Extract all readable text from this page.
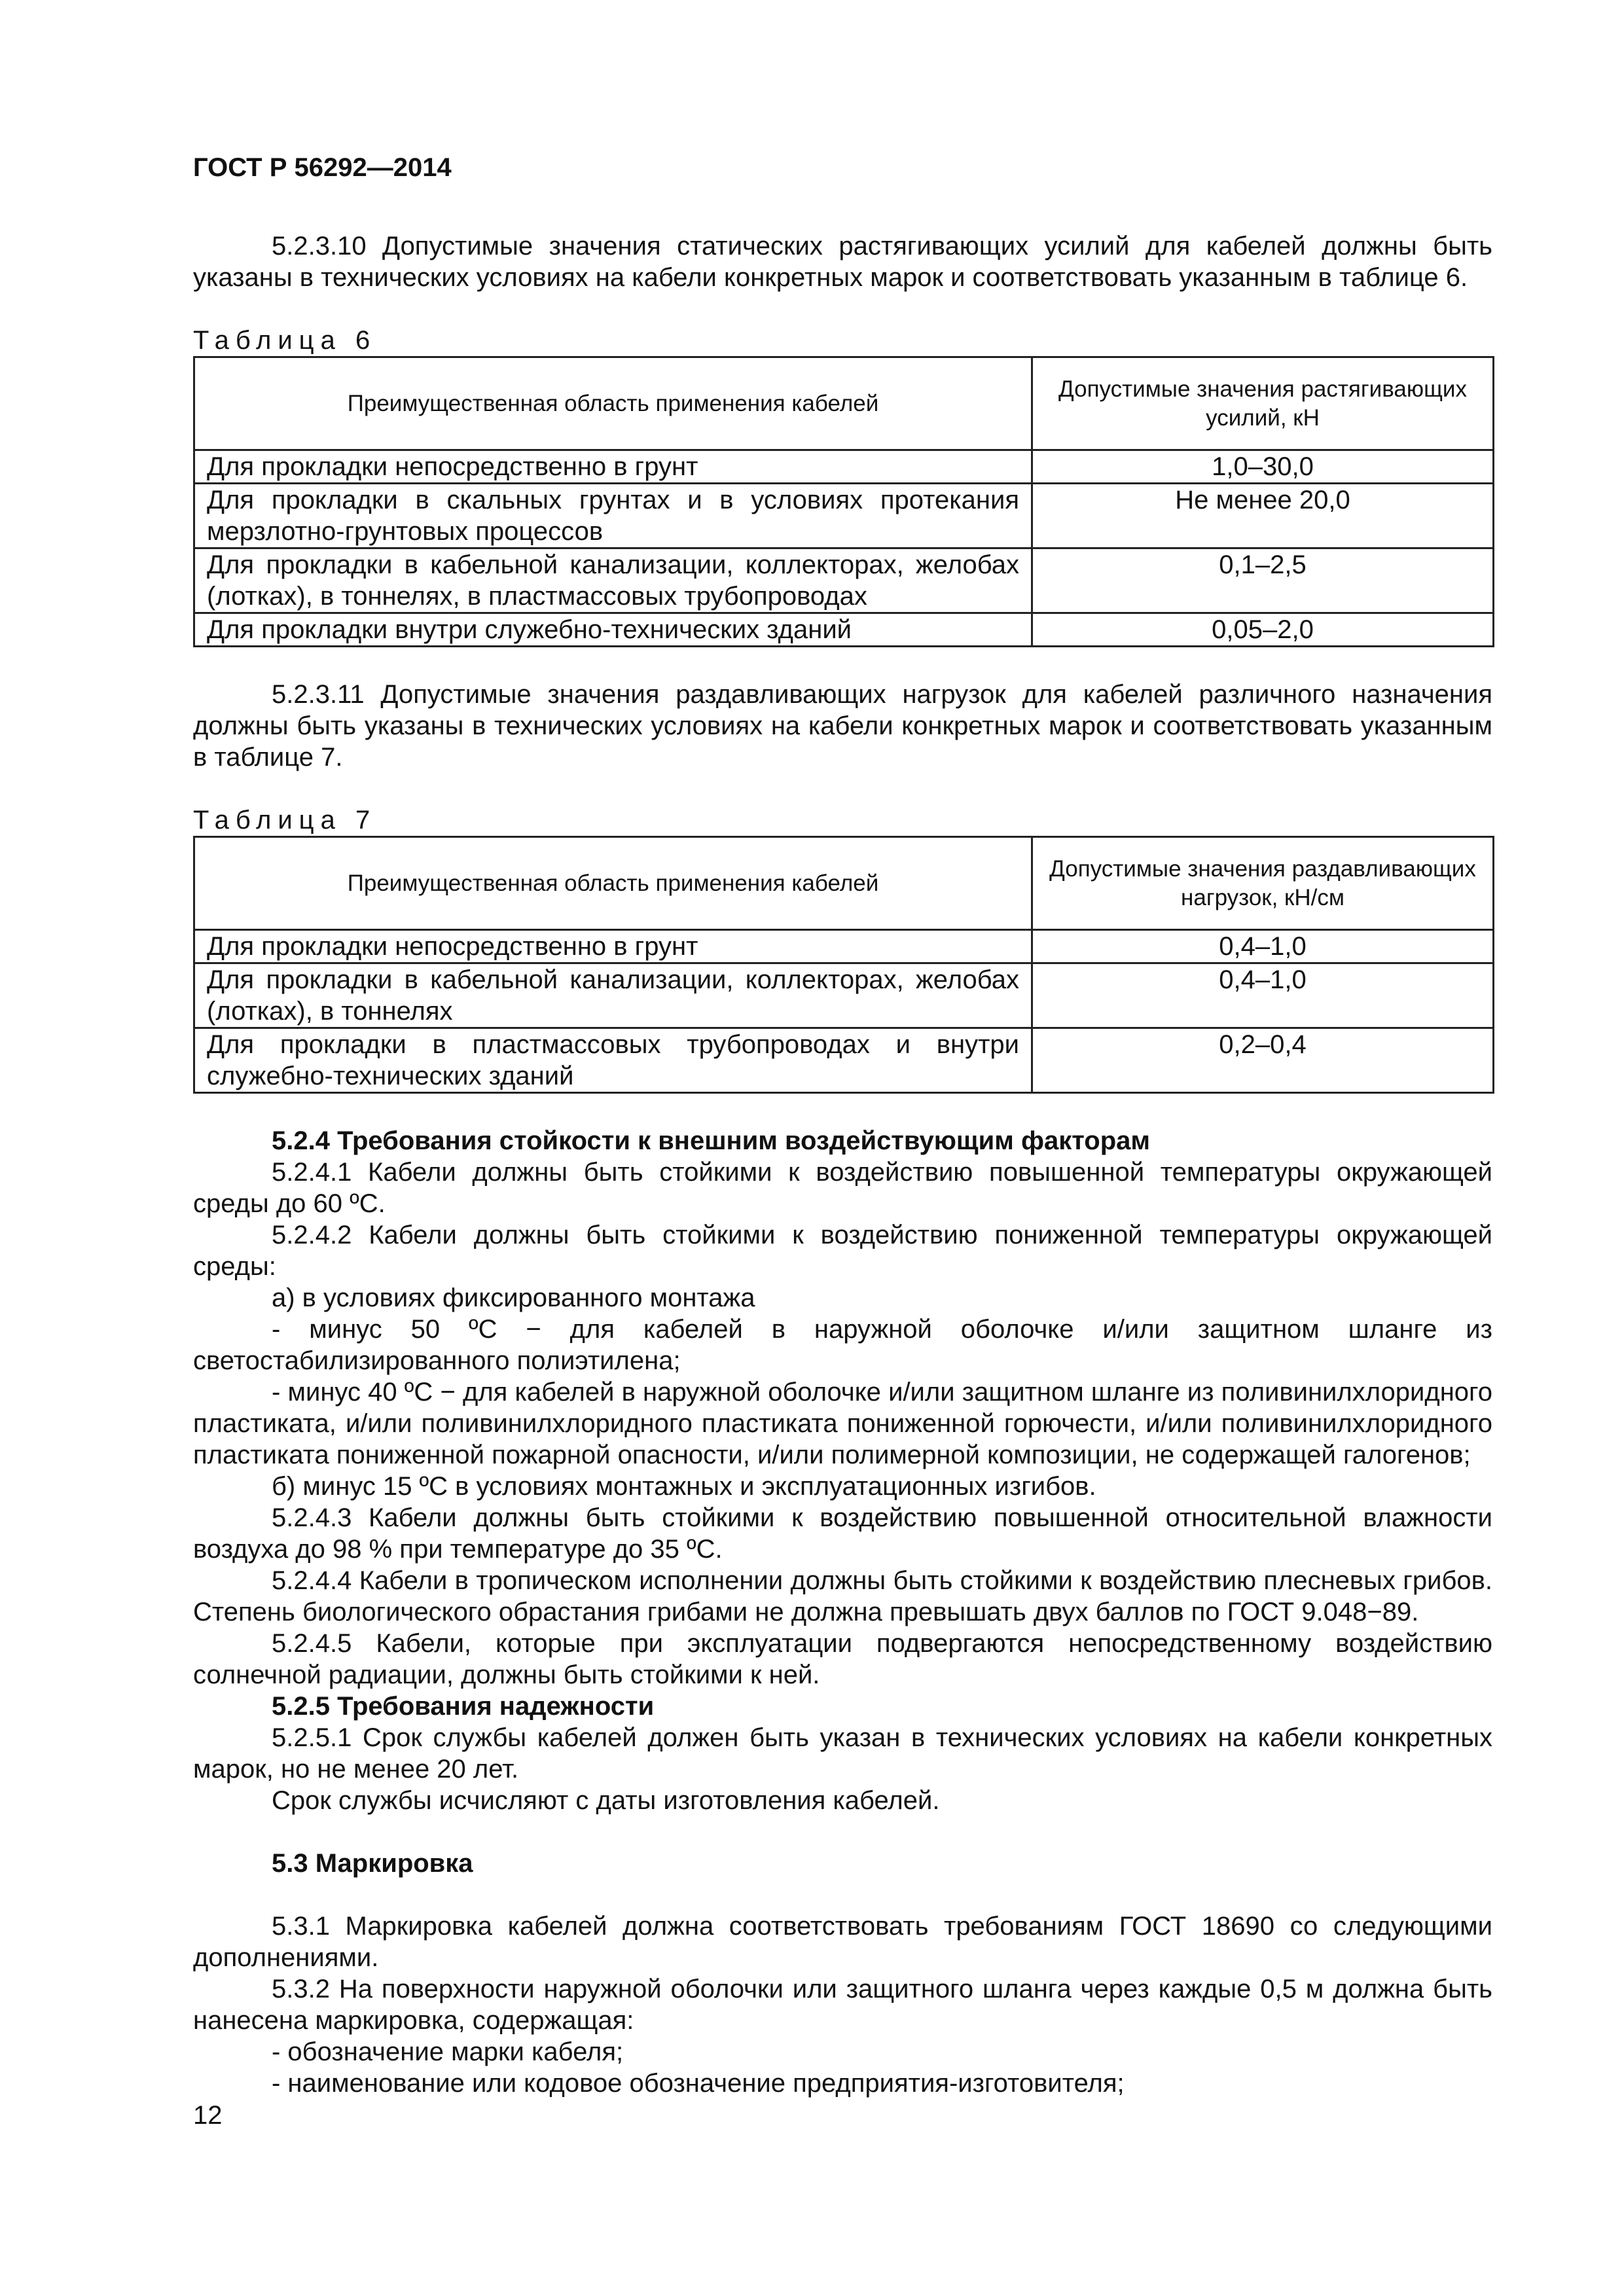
ГОСТ Р 56292—2014

5.2.3.10 Допустимые значения статических растягивающих усилий для кабелей должны быть указаны в технических условиях на кабели конкретных марок и соответствовать указанным в таблице 6.

Таблица 6
Преимущественная область применения кабелей	Допустимые значения растягивающих усилий, кН
Для прокладки непосредственно в грунт	1,0–30,0
Для прокладки в скальных грунтах и в условиях протекания мерзлотно-грунтовых процессов	Не менее 20,0
Для прокладки в кабельной канализации, коллекторах, желобах (лотках), в тоннелях, в пластмассовых трубопроводах	0,1–2,5
Для прокладки внутри служебно-технических зданий	0,05–2,0

5.2.3.11 Допустимые значения раздавливающих нагрузок для кабелей различного назначения должны быть указаны в технических условиях на кабели конкретных марок и соответствовать указанным в таблице 7.

Таблица 7
Преимущественная область применения кабелей	Допустимые значения раздавливающих нагрузок, кН/см
Для прокладки непосредственно в грунт	0,4–1,0
Для прокладки в кабельной канализации, коллекторах, желобах (лотках), в тоннелях	0,4–1,0
Для прокладки в пластмассовых трубопроводах и внутри служебно-технических зданий	0,2–0,4

5.2.4 Требования стойкости к внешним воздействующим факторам

5.2.4.1 Кабели должны быть стойкими к воздействию повышенной температуры окружающей среды до 60 ºС.

5.2.4.2 Кабели должны быть стойкими к воздействию пониженной температуры окружающей среды:

а) в условиях фиксированного монтажа

- минус 50 ºС − для кабелей в наружной оболочке и/или защитном шланге из светостабилизированного полиэтилена;

- минус 40 ºС − для кабелей в наружной оболочке и/или защитном шланге из поливинилхлоридного пластиката, и/или поливинилхлоридного пластиката пониженной горючести, и/или поливинилхлоридного пластиката пониженной пожарной опасности, и/или полимерной композиции, не содержащей галогенов;

б) минус 15 ºС в условиях монтажных и эксплуатационных изгибов.

5.2.4.3 Кабели должны быть стойкими к воздействию повышенной относительной влажности воздуха до 98 % при температуре до 35 ºС.

5.2.4.4 Кабели в тропическом исполнении должны быть стойкими к воздействию плесневых грибов. Степень биологического обрастания грибами не должна превышать двух баллов по ГОСТ 9.048−89.

5.2.4.5 Кабели, которые при эксплуатации подвергаются непосредственному воздействию солнечной радиации, должны быть стойкими к ней.

5.2.5 Требования надежности

5.2.5.1 Срок службы кабелей должен быть указан в технических условиях на кабели конкретных марок, но не менее 20 лет.

Срок службы исчисляют с даты изготовления кабелей.

5.3 Маркировка

5.3.1 Маркировка кабелей должна соответствовать требованиям ГОСТ 18690 со следующими дополнениями.

5.3.2 На поверхности наружной оболочки или защитного шланга через каждые 0,5 м должна быть нанесена маркировка, содержащая:

- обозначение марки кабеля;

- наименование или кодовое обозначение предприятия-изготовителя;

12
